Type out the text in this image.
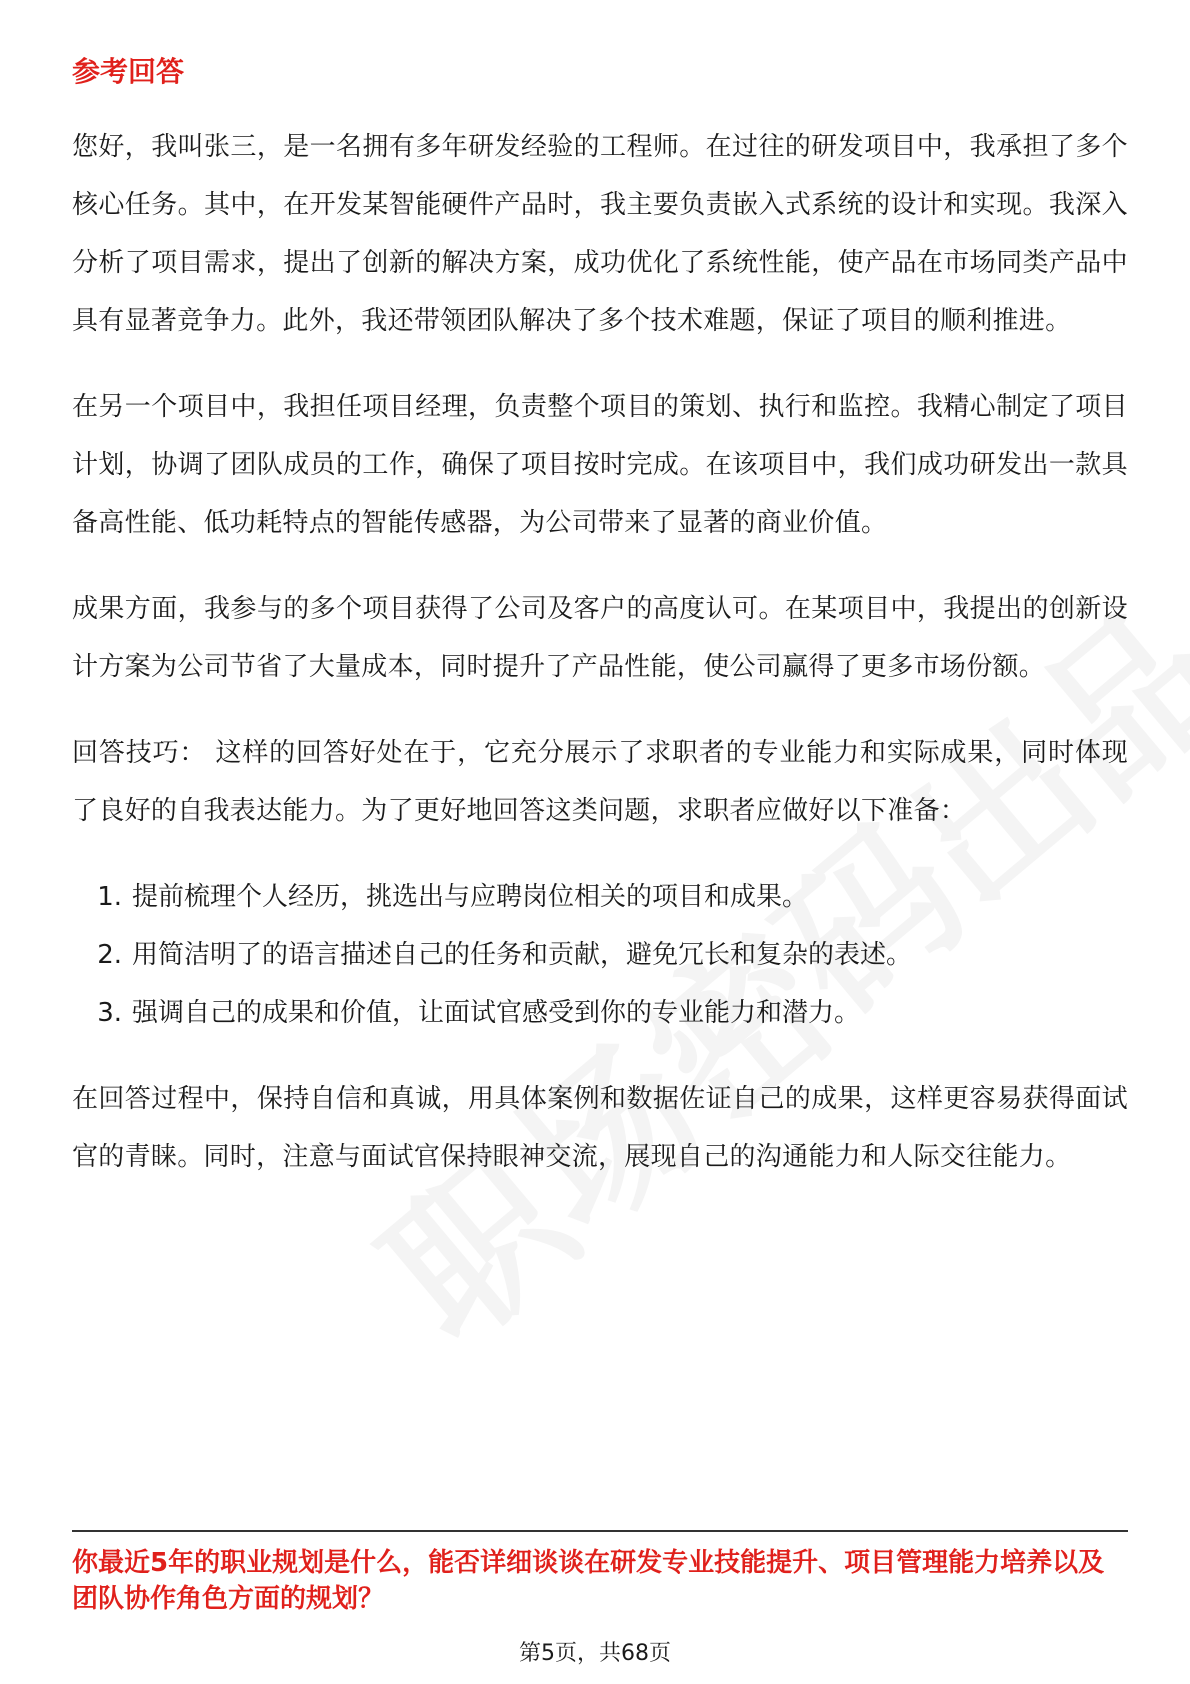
参考回答

您好，我叫张三，是一名拥有多年研发经验的工程师。在过往的研发项目中，我承担了多个核心任务。其中，在开发某智能硬件产品时，我主要负责嵌入式系统的设计和实现。我深入分析了项目需求，提出了创新的解决方案，成功优化了系统性能，使产品在市场同类产品中具有显著竞争力。此外，我还带领团队解决了多个技术难题，保证了项目的顺利推进。

在另一个项目中，我担任项目经理，负责整个项目的策划、执行和监控。我精心制定了项目计划，协调了团队成员的工作，确保了项目按时完成。在该项目中，我们成功研发出一款具备高性能、低功耗特点的智能传感器，为公司带来了显著的商业价值。

成果方面，我参与的多个项目获得了公司及客户的高度认可。在某项目中，我提出的创新设计方案为公司节省了大量成本，同时提升了产品性能，使公司赢得了更多市场份额。

回答技巧： 这样的回答好处在于，它充分展示了求职者的专业能力和实际成果，同时体现了良好的自我表达能力。为了更好地回答这类问题，求职者应做好以下准备：

1. 提前梳理个人经历，挑选出与应聘岗位相关的项目和成果。
2. 用简洁明了的语言描述自己的任务和贡献，避免冗长和复杂的表述。
3. 强调自己的成果和价值，让面试官感受到你的专业能力和潜力。

在回答过程中，保持自信和真诚，用具体案例和数据佐证自己的成果，这样更容易获得面试官的青睐。同时，注意与面试官保持眼神交流，展现自己的沟通能力和人际交往能力。

你最近5年的职业规划是什么，能否详细谈谈在研发专业技能提升、项目管理能力培养以及团队协作角色方面的规划？
第5页，共68页
